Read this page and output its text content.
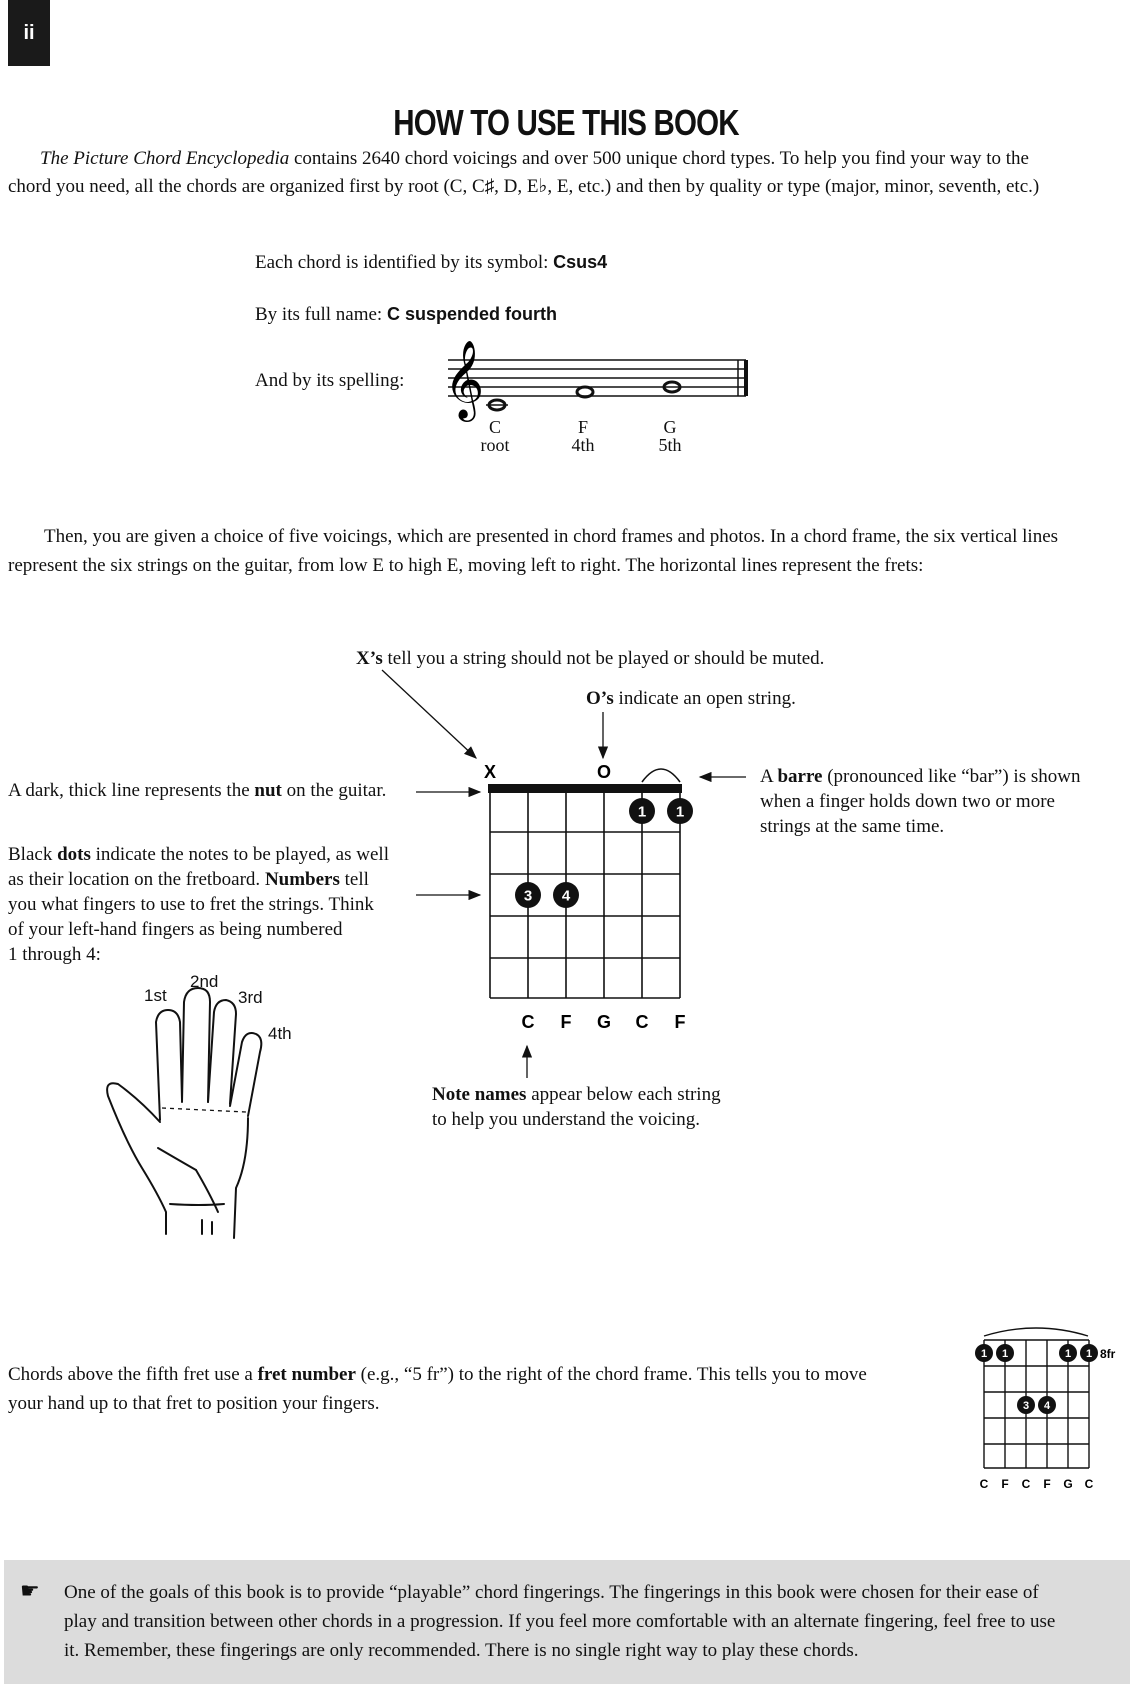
ii
HOW TO USE THIS BOOK
The Picture Chord Encyclopedia contains 2640 chord voicings and over 500 unique chord types. To help you find your way to the
chord you need, all the chords are organized first by root (C, C♯, D, E♭, E, etc.) and then by quality or type (major, minor, seventh, etc.)
Each chord is identified by its symbol: Csus4
By its full name: C suspended fourth
And by its spelling: 𝄞
C
root
F
4th
G
5th
Then, you are given a choice of five voicings, which are presented in chord frames and photos. In a chord frame, the six vertical lines
represent the six strings on the guitar, from low E to high E, moving left to right. The horizontal lines represent the frets:
X’s tell you a string should not be played or should be muted.
O’s indicate an open string.
A dark, thick line represents the nut on the guitar.
A barre (pronounced like “bar”) is shown
when a finger holds down two or more
strings at the same time.
Black dots indicate the notes to be played, as well
as their location on the fretboard. Numbers tell
you what fingers to use to fret the strings. Think
of your left-hand fingers as being numbered
1 through 4:
Note names appear below each string
to help you understand the voicing.
X	O
1 1
3 4
C F G C F
1st
2nd
3rd
4th
Chords above the fifth fret use a fret number (e.g., “5 fr”) to the right of the chord frame. This tells you to move
your hand up to that fret to position your fingers.
1 1	1 1
3 4
8fr
C F C F G C
☛ One of the goals of this book is to provide “playable” chord fingerings. The fingerings in this book were chosen for their ease of
play and transition between other chords in a progression. If you feel more comfortable with an alternate fingering, feel free to use
it. Remember, these fingerings are only recommended. There is no single right way to play these chords.
